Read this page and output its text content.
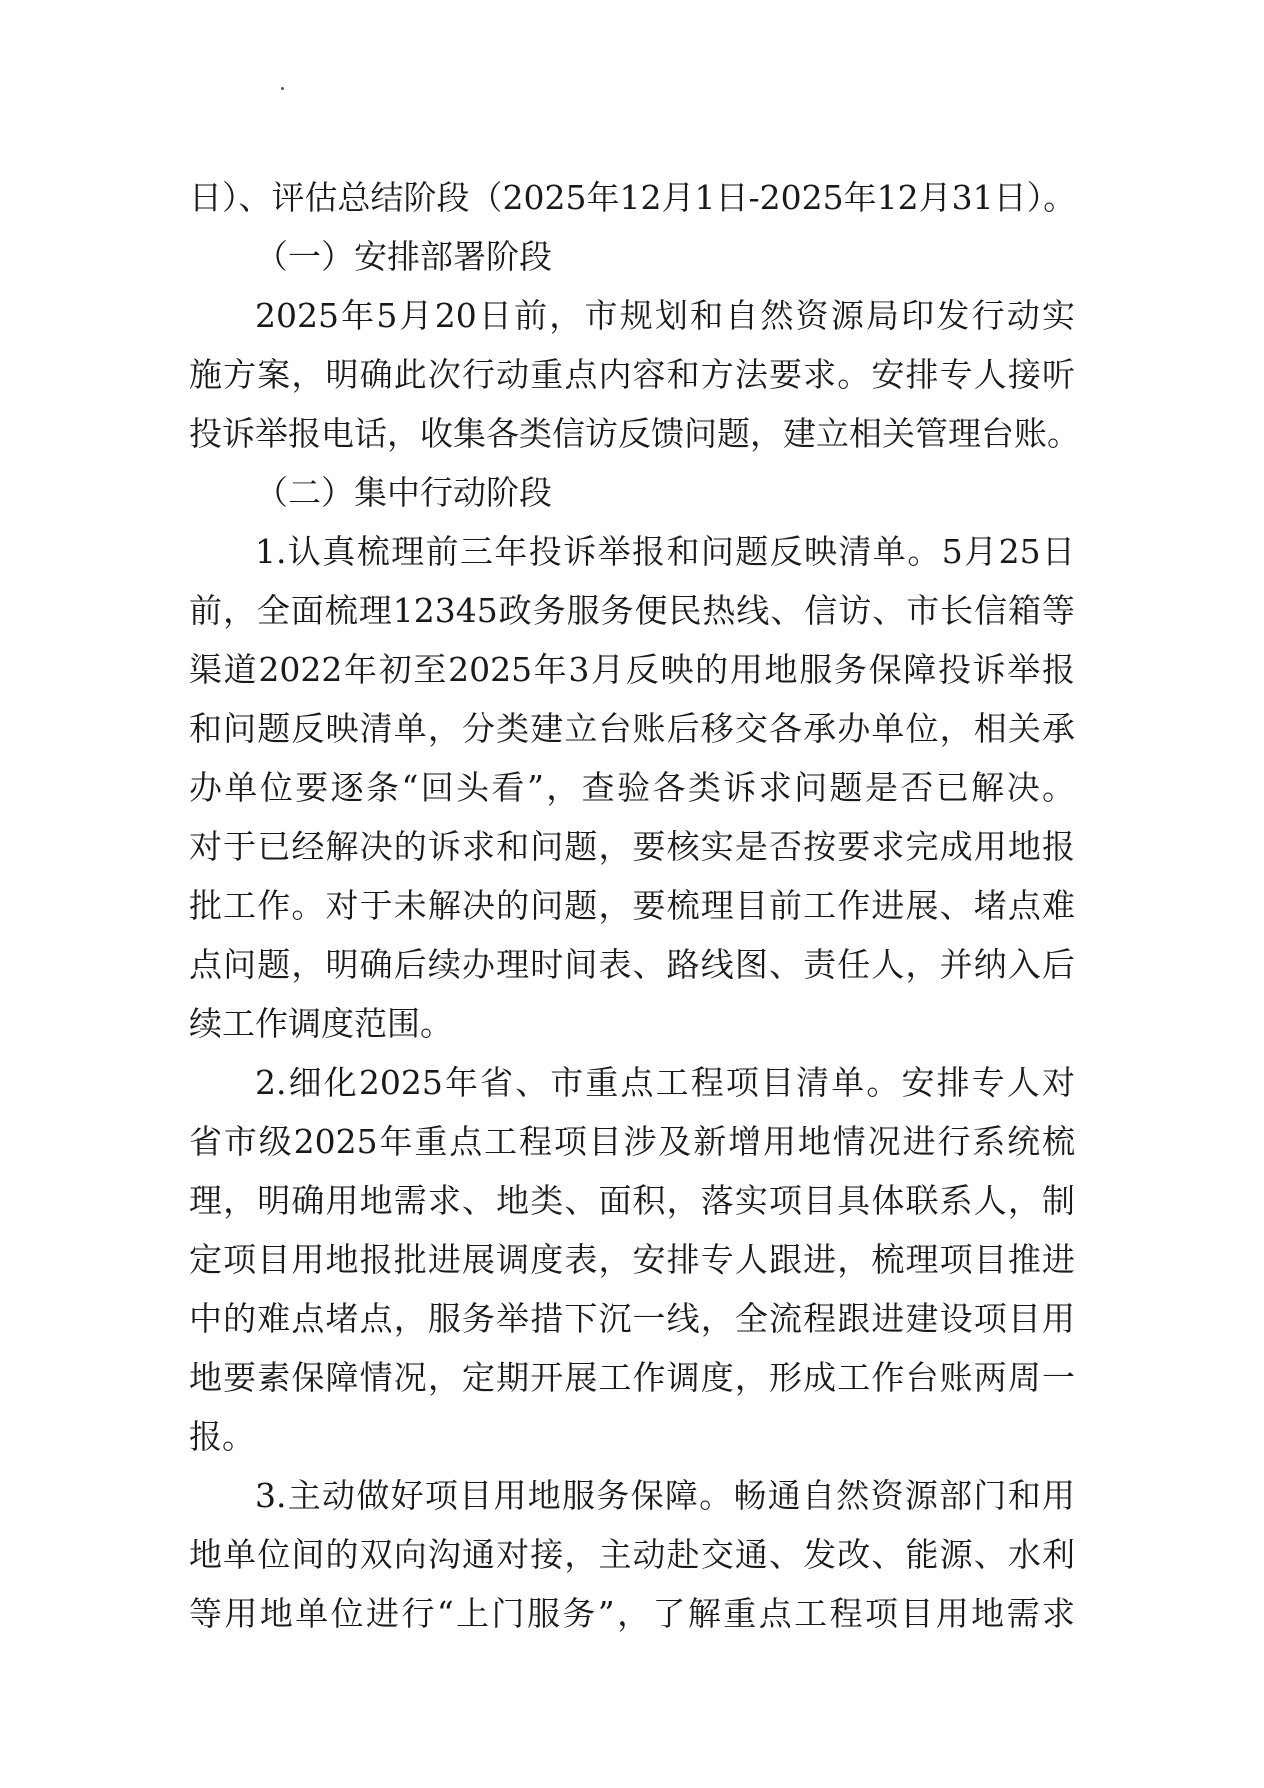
日）、评估总结阶段（2025年12月1日-2025年12月31日）。
（一）安排部署阶段
2025年5月20日前，市规划和自然资源局印发行动实
施方案，明确此次行动重点内容和方法要求。安排专人接听
投诉举报电话，收集各类信访反馈问题，建立相关管理台账。
（二）集中行动阶段
1.认真梳理前三年投诉举报和问题反映清单。5月25日
前，全面梳理12345政务服务便民热线、信访、市长信箱等
渠道2022年初至2025年3月反映的用地服务保障投诉举报
和问题反映清单，分类建立台账后移交各承办单位，相关承
办单位要逐条“回头看”，查验各类诉求问题是否已解决。
对于已经解决的诉求和问题，要核实是否按要求完成用地报
批工作。对于未解决的问题，要梳理目前工作进展、堵点难
点问题，明确后续办理时间表、路线图、责任人，并纳入后
续工作调度范围。
2.细化2025年省、市重点工程项目清单。安排专人对
省市级2025年重点工程项目涉及新增用地情况进行系统梳
理，明确用地需求、地类、面积，落实项目具体联系人，制
定项目用地报批进展调度表，安排专人跟进，梳理项目推进
中的难点堵点，服务举措下沉一线，全流程跟进建设项目用
地要素保障情况，定期开展工作调度，形成工作台账两周一
报。
3.主动做好项目用地服务保障。畅通自然资源部门和用
地单位间的双向沟通对接，主动赴交通、发改、能源、水利
等用地单位进行“上门服务”，了解重点工程项目用地需求
